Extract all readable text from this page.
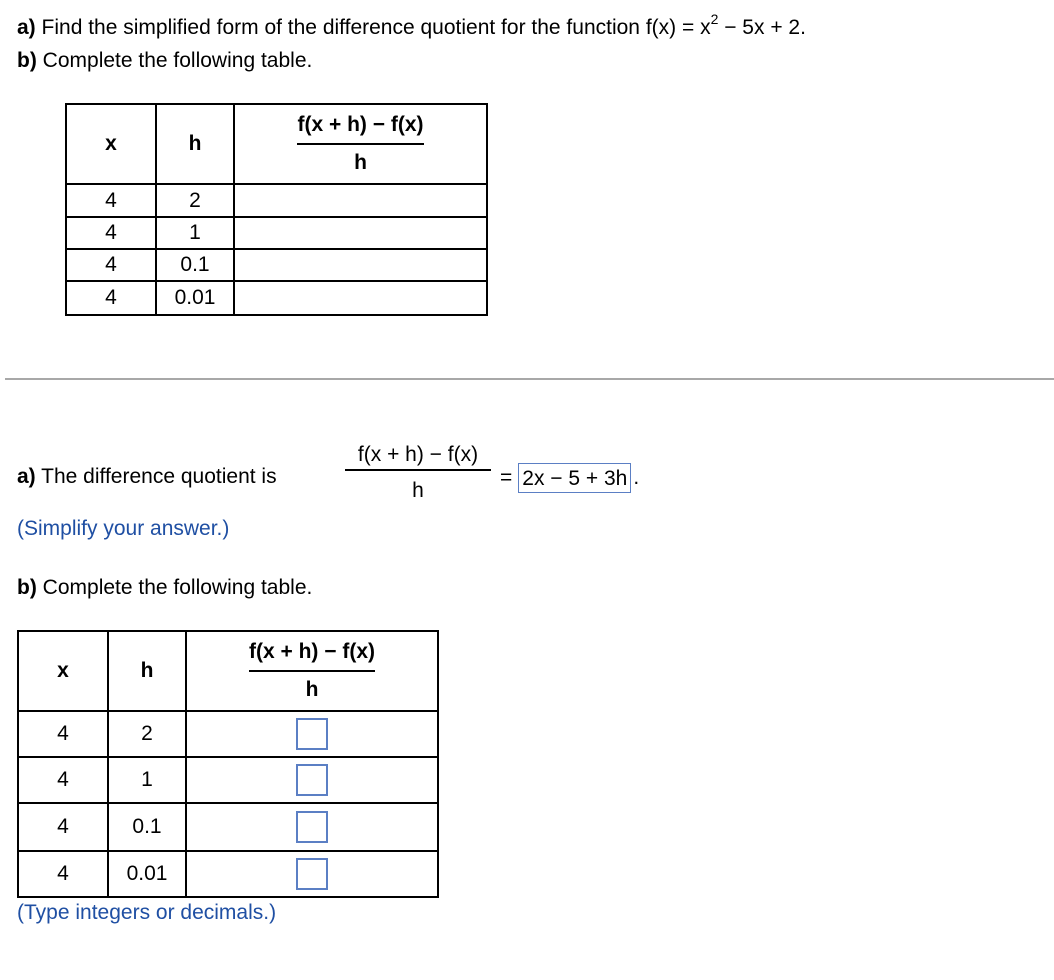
a) Find the simplified form of the difference quotient for the function $f(x) = x^2 - 5x + 2$.
b) Complete the following table.
x	h	$\frac{f(x + h) - f(x)}{h}$

4	2	
4	1	
4	0.1	
4	0.01	
a) The difference quotient is
f(x + h) − f(x)
h
= 2x − 5 + 3h .
(Simplify your answer.)
b) Complete the following table.
x	h	$\frac{f(x + h) - f(x)}{h}$

4	2	
4	1	
4	0.1	
4	0.01	
(Type integers or decimals.)
